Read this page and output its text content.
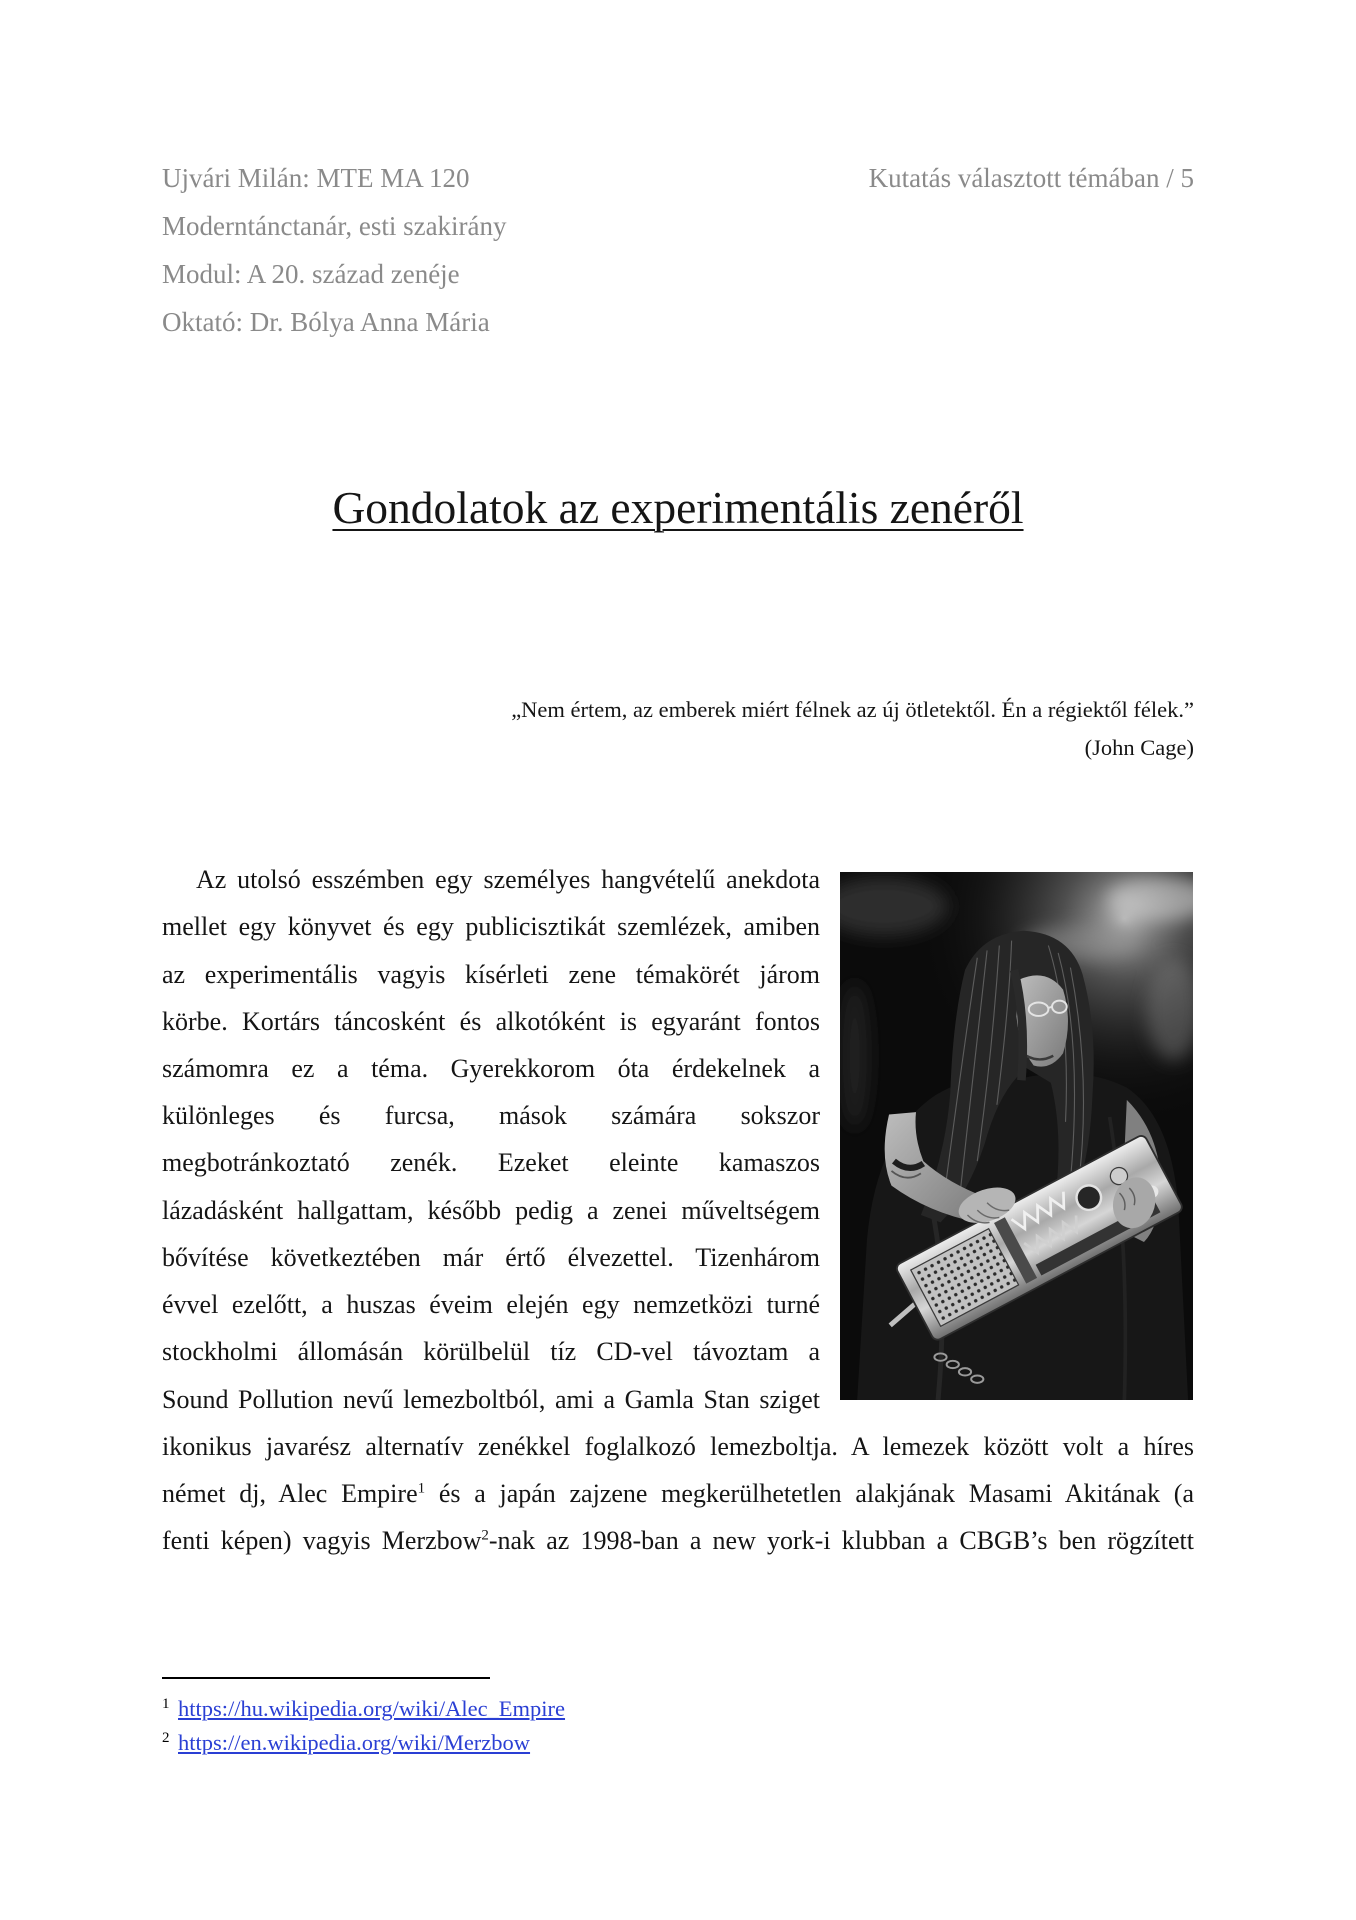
Ujvári Milán: MTE MA 120
Moderntánctanár, esti szakirány
Modul: A 20. század zenéje
Oktató: Dr. Bólya Anna Mária
Kutatás választott témában / 5
Gondolatok az experimentális zenéről
„Nem értem, az emberek miért félnek az új ötletektől. Én a régiektől félek.”
(John Cage)
Az utolsó esszémben egy személyes hangvételű anekdota
mellet egy könyvet és egy publicisztikát szemlézek, amiben
az experimentális vagyis kísérleti zene témakörét járom
körbe. Kortárs táncosként és alkotóként is egyaránt fontos
számomra ez a téma. Gyerekkorom óta érdekelnek a
különleges és furcsa, mások számára sokszor
megbotránkoztató zenék. Ezeket eleinte kamaszos
lázadásként hallgattam, később pedig a zenei műveltségem
bővítése következtében már értő élvezettel. Tizenhárom
évvel ezelőtt, a huszas éveim elején egy nemzetközi turné
stockholmi állomásán körülbelül tíz CD-vel távoztam a
Sound Pollution nevű lemezboltból, ami a Gamla Stan sziget
ikonikus javarész alternatív zenékkel foglalkozó lemezboltja. A lemezek között volt a híres
német dj, Alec Empire$^1$ és a japán zajzene megkerülhetetlen alakjának Masami Akitának (a
fenti képen) vagyis Merzbow$^2$-nak az 1998-ban a new york-i klubban a CBGB’s ben rögzített
1 https://hu.wikipedia.org/wiki/Alec_Empire
2 https://en.wikipedia.org/wiki/Merzbow
